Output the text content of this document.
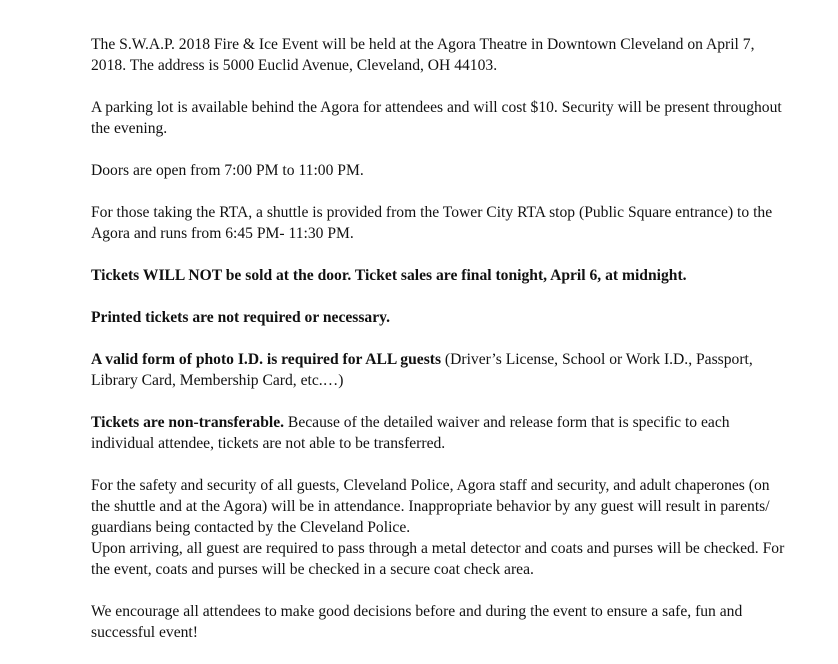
The S.W.A.P. 2018 Fire & Ice Event will be held at the Agora Theatre in Downtown Cleveland on April 7, 2018. The address is 5000 Euclid Avenue, Cleveland, OH 44103.

A parking lot is available behind the Agora for attendees and will cost $10. Security will be present throughout the evening.

Doors are open from 7:00 PM to 11:00 PM.

For those taking the RTA, a shuttle is provided from the Tower City RTA stop (Public Square entrance) to the Agora and runs from 6:45 PM- 11:30 PM.

Tickets WILL NOT be sold at the door. Ticket sales are final tonight, April 6, at midnight.

Printed tickets are not required or necessary.

A valid form of photo I.D. is required for ALL guests (Driver’s License, School or Work I.D., Passport, Library Card, Membership Card, etc.…)

Tickets are non-transferable. Because of the detailed waiver and release form that is specific to each individual attendee, tickets are not able to be transferred.

For the safety and security of all guests, Cleveland Police, Agora staff and security, and adult chaperones (on the shuttle and at the Agora) will be in attendance. Inappropriate behavior by any guest will result in parents/ guardians being contacted by the Cleveland Police.

Upon arriving, all guest are required to pass through a metal detector and coats and purses will be checked. For the event, coats and purses will be checked in a secure coat check area.

We encourage all attendees to make good decisions before and during the event to ensure a safe, fun and successful event!
